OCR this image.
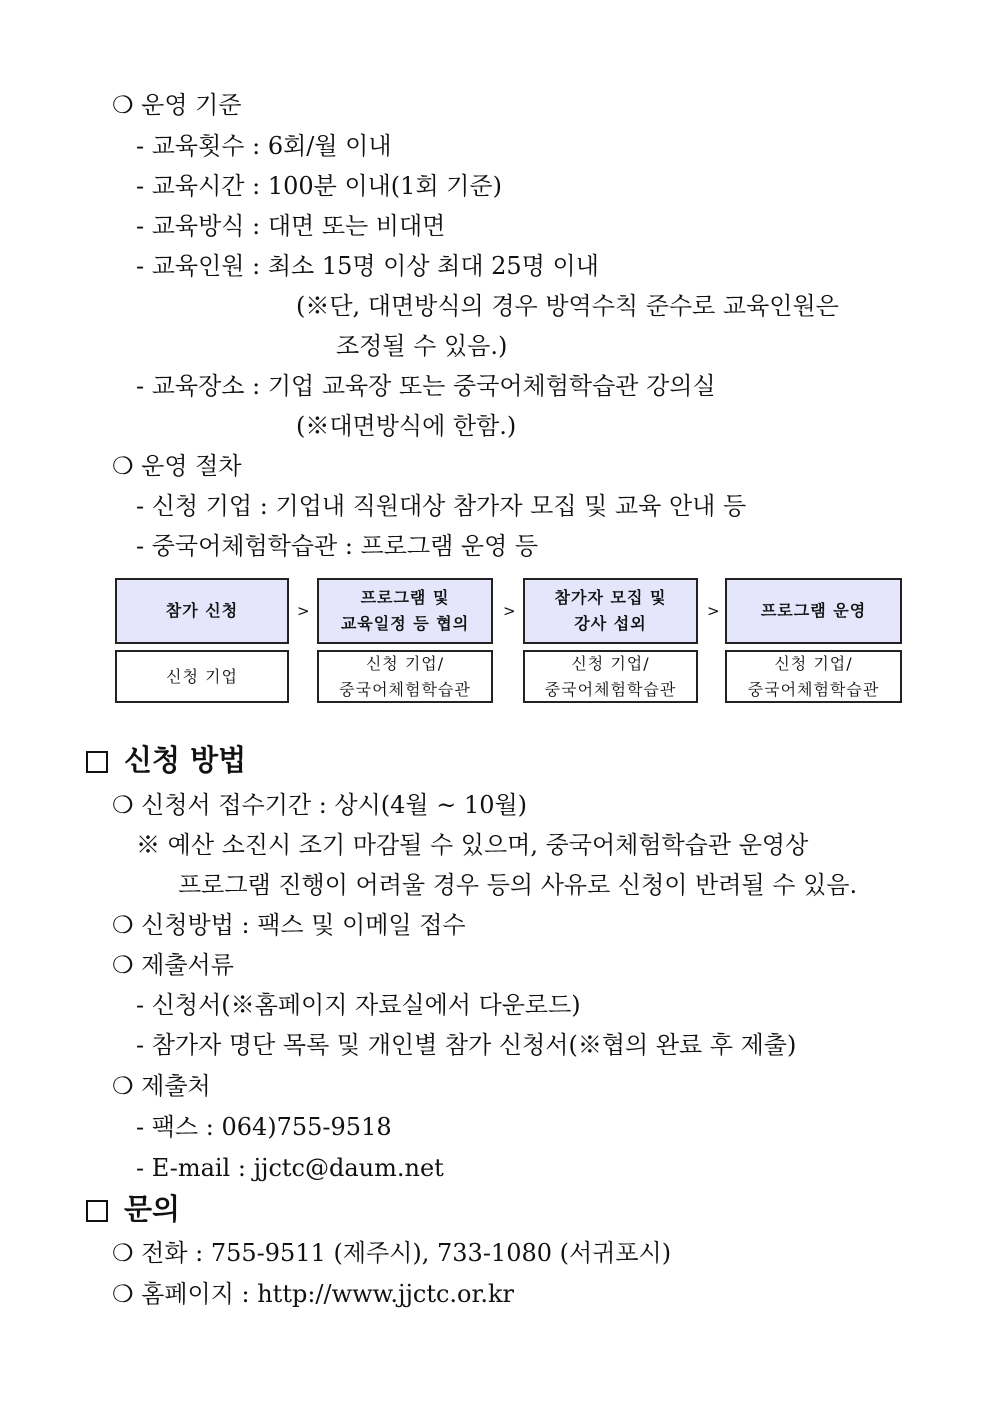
❍ 운영 기준
- 교육횟수 : 6회/월 이내
- 교육시간 : 100분 이내(1회 기준)
- 교육방식 : 대면 또는 비대면
- 교육인원 : 최소 15명 이상 최대 25명 이내
(※단, 대면방식의 경우 방역수칙 준수로 교육인원은
조정될 수 있음.)
- 교육장소 : 기업 교육장 또는 중국어체험학습관 강의실
(※대면방식에 한함.)
❍ 운영 절차
- 신청 기업 : 기업내 직원대상 참가자 모집 및 교육 안내 등
- 중국어체험학습관 : 프로그램 운영 등
참가 신청	>
프로그램 및
교육일정 등 협의
>
참가자 모집 및
강사 섭외
>	프로그램 운영
신청 기업
신청 기업/
중국어체험학습관
신청 기업/
중국어체험학습관
신청 기업/
중국어체험학습관
신청 방법
❍ 신청서 접수기간 : 상시(4월 ~ 10월)
※ 예산 소진시 조기 마감될 수 있으며, 중국어체험학습관 운영상
프로그램 진행이 어려울 경우 등의 사유로 신청이 반려될 수 있음.
❍ 신청방법 : 팩스 및 이메일 접수
❍ 제출서류
- 신청서(※홈페이지 자료실에서 다운로드)
- 참가자 명단 목록 및 개인별 참가 신청서(※협의 완료 후 제출)
❍ 제출처
- 팩스 : 064)755-9518
- E-mail : jjctc@daum.net
문의
❍ 전화 : 755-9511 (제주시), 733-1080 (서귀포시)
❍ 홈페이지 : http://www.jjctc.or.kr
